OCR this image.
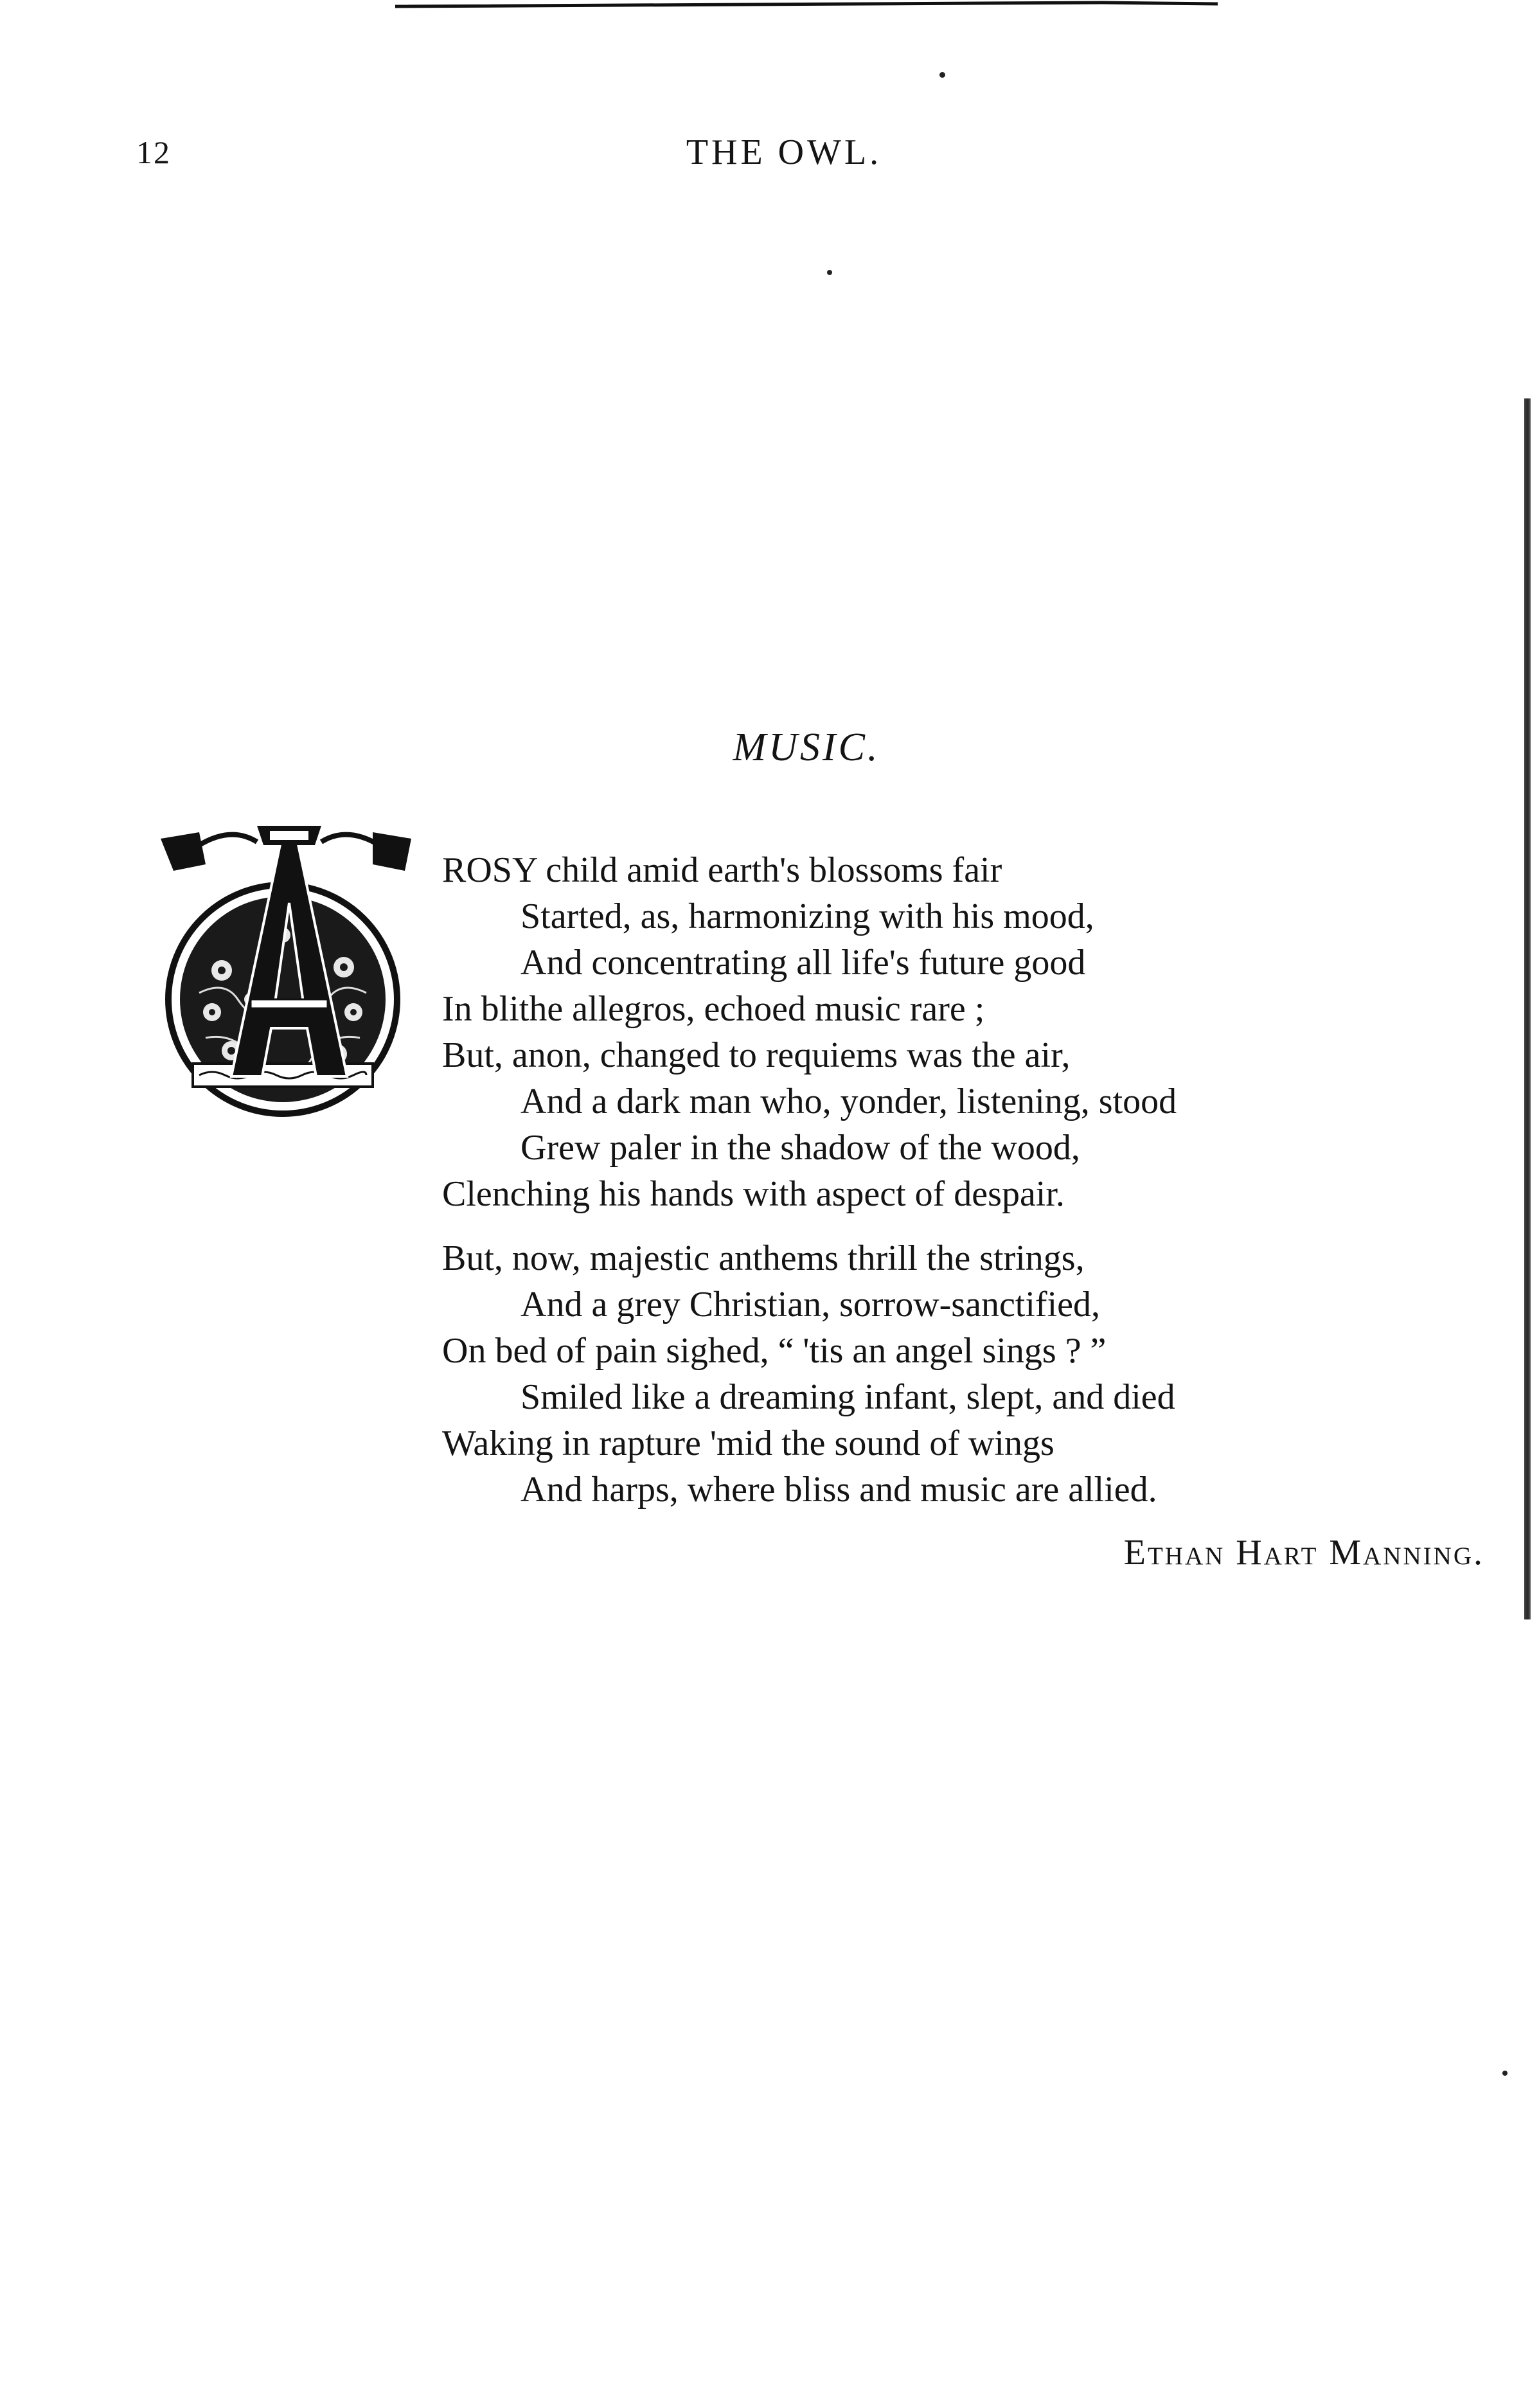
12	THE OWL.
MUSIC.
ROSY child amid earth's blossoms fair
Started, as, harmonizing with his mood,
And concentrating all life's future good
In blithe allegros, echoed music rare ;
But, anon, changed to requiems was the air,
And a dark man who, yonder, listening, stood
Grew paler in the shadow of the wood,
Clenching his hands with aspect of despair.
But, now, majestic anthems thrill the strings,
And a grey Christian, sorrow-sanctified,
On bed of pain sighed, “ 'tis an angel sings ? ”
Smiled like a dreaming infant, slept, and died
Waking in rapture 'mid the sound of wings
And harps, where bliss and music are allied.
Ethan Hart Manning.
